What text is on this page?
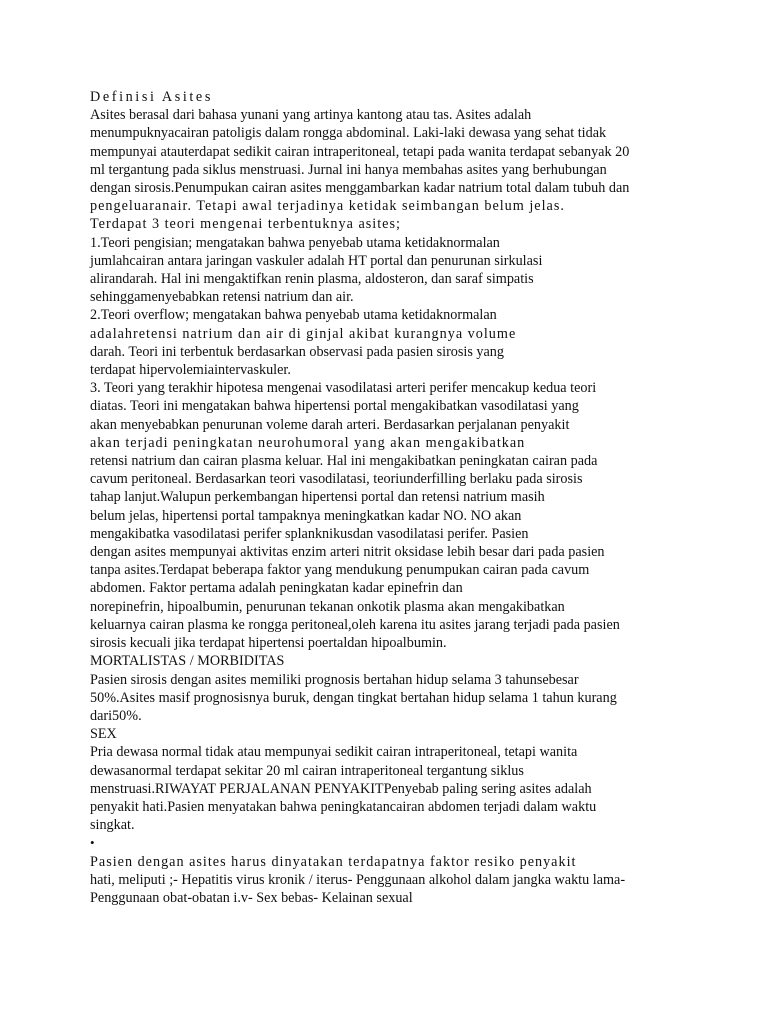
Definisi Asites
Asites berasal dari bahasa yunani yang artinya kantong atau tas. Asites adalah
menumpuknyacairan patoligis dalam rongga abdominal. Laki-laki dewasa yang sehat tidak
mempunyai atauterdapat sedikit cairan intraperitoneal, tetapi pada wanita terdapat sebanyak 20
ml tergantung pada siklus menstruasi. Jurnal ini hanya membahas asites yang berhubungan
dengan sirosis.Penumpukan cairan asites menggambarkan kadar natrium total dalam tubuh dan
pengeluaranair. Tetapi awal terjadinya ketidak seimbangan belum jelas.
Terdapat 3 teori mengenai terbentuknya asites;
1.Teori pengisian; mengatakan bahwa penyebab utama ketidaknormalan
jumlahcairan antara jaringan vaskuler adalah HT portal dan penurunan sirkulasi
alirandarah. Hal ini mengaktifkan renin plasma, aldosteron, dan saraf simpatis
sehinggamenyebabkan retensi natrium dan air.
2.Teori overflow; mengatakan bahwa penyebab utama ketidaknormalan
adalahretensi natrium dan air di ginjal akibat kurangnya volume
darah. Teori ini terbentuk berdasarkan observasi pada pasien sirosis yang
terdapat hipervolemiaintervaskuler.
3. Teori yang terakhir hipotesa mengenai vasodilatasi arteri perifer mencakup kedua teori
diatas. Teori ini mengatakan bahwa hipertensi portal mengakibatkan vasodilatasi yang
akan menyebabkan penurunan voleme darah arteri. Berdasarkan perjalanan penyakit
akan terjadi peningkatan neurohumoral yang akan mengakibatkan
retensi natrium dan cairan plasma keluar. Hal ini mengakibatkan peningkatan cairan pada
cavum peritoneal. Berdasarkan teori vasodilatasi, teoriunderfilling berlaku pada sirosis
tahap lanjut.Walupun perkembangan hipertensi portal dan retensi natrium masih
belum jelas, hipertensi portal tampaknya meningkatkan kadar NO. NO akan
mengakibatka vasodilatasi perifer splanknikusdan vasodilatasi perifer. Pasien
dengan asites mempunyai aktivitas enzim arteri nitrit oksidase lebih besar dari pada pasien
tanpa asites.Terdapat beberapa faktor yang mendukung penumpukan cairan pada cavum
abdomen. Faktor pertama adalah peningkatan kadar epinefrin dan
norepinefrin, hipoalbumin, penurunan tekanan onkotik plasma akan mengakibatkan
keluarnya cairan plasma ke rongga peritoneal,oleh karena itu asites jarang terjadi pada pasien
sirosis kecuali jika terdapat hipertensi poertaldan hipoalbumin.
MORTALISTAS / MORBIDITAS
Pasien sirosis dengan asites memiliki prognosis bertahan hidup selama 3 tahunsebesar
50%.Asites masif prognosisnya buruk, dengan tingkat bertahan hidup selama 1 tahun kurang
dari50%.
SEX
Pria dewasa normal tidak atau mempunyai sedikit cairan intraperitoneal, tetapi wanita
dewasanormal terdapat sekitar 20 ml cairan intraperitoneal tergantung siklus
menstruasi.RIWAYAT PERJALANAN PENYAKITPenyebab paling sering asites adalah
penyakit hati.Pasien menyatakan bahwa peningkatancairan abdomen terjadi dalam waktu
singkat.
•
Pasien dengan asites harus dinyatakan terdapatnya faktor resiko penyakit
hati, meliputi ;- Hepatitis virus kronik / iterus- Penggunaan alkohol dalam jangka waktu lama-
Penggunaan obat-obatan i.v- Sex bebas- Kelainan sexual
